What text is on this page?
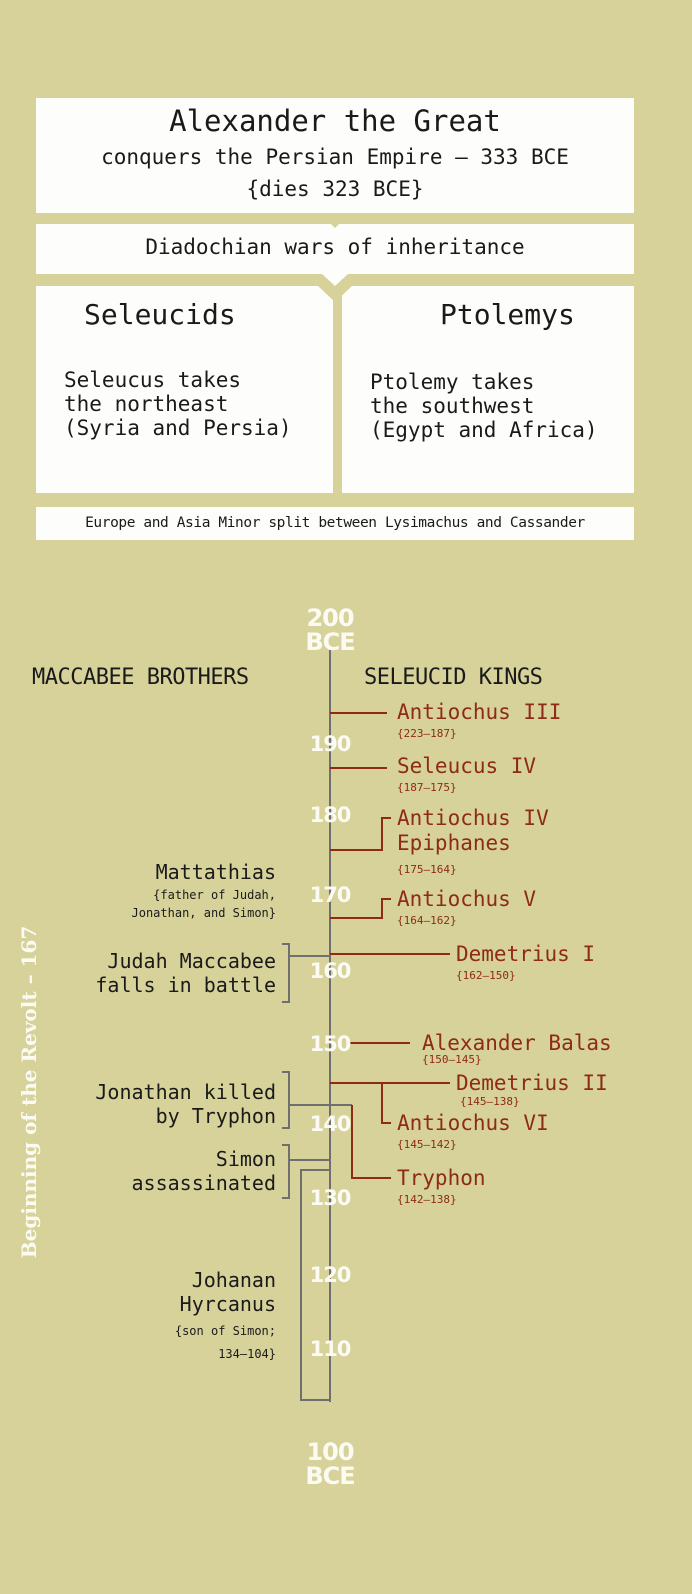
Alexander the Great
conquers the Persian Empire – 333 BCE
{dies 323 BCE}
Diadochian wars of inheritance
Seleucids
Seleucus takes
the northeast
(Syria and Persia)
Ptolemys
Ptolemy takes
the southwest
(Egypt and Africa)
Europe and Asia Minor split between Lysimachus and Cassander
200
BCE
190
180
170
160
150
140
130
120
110
100
BCE
MACCABEE BROTHERS	SELEUCID KINGS
Beginning of the Revolt – 167
Antiochus III
{223–187}
Seleucus IV
{187–175}
Antiochus IV
Epiphanes
{175–164}
Antiochus V
{164–162}
Demetrius I
{162–150}
Alexander Balas
{150–145}
Demetrius II
{145–138}
Antiochus VI
{145–142}
Tryphon
{142–138}
Mattathias
{father of Judah,
Jonathan, and Simon}
Judah Maccabee
falls in battle
Jonathan killed
by Tryphon
Simon
assassinated
Johanan
Hyrcanus
{son of Simon;
134–104}
